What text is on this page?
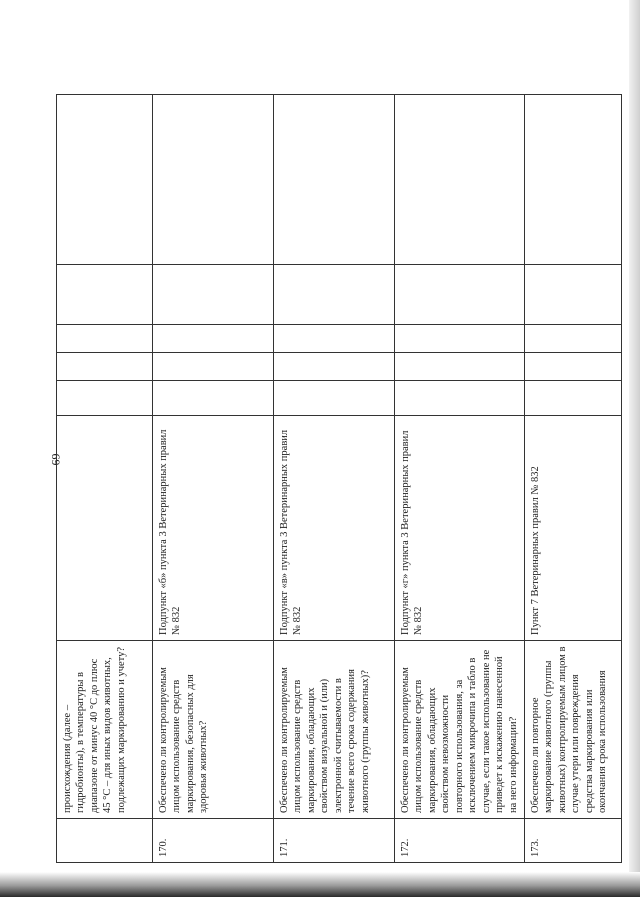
69
	происхождения (далее – гидробионты), в температуры в диапазоне от минус 40 °С до плюс 45 °С – для иных видов животных, подлежащих маркированию и учету?						
170.	Обеспечено ли контролируемым лицом использование средств маркирования, безопасных для здоровья животных?	Подпункт «б» пункта 3 Ветеринарных правил № 832					
171.	Обеспечено ли контролируемым лицом использование средств маркирования, обладающих свойством визуальной и (или) электронной считываемости в течение всего срока содержания животного (группы животных)?	Подпункт «в» пункта 3 Ветеринарных правил № 832					
172.	Обеспечено ли контролируемым лицом использование средств маркирования, обладающих свойством невозможности повторного использования, за исключением микрочипа и табло в случае, если такое использование не приведет к искажению нанесенной на него информации?	Подпункт «г» пункта 3 Ветеринарных правил № 832					
173.	Обеспечено ли повторное маркирование животного (группы животных) контролируемым лицом в случае утери или повреждения средства маркирования или окончания срока использования	Пункт 7 Ветеринарных правил № 832					
